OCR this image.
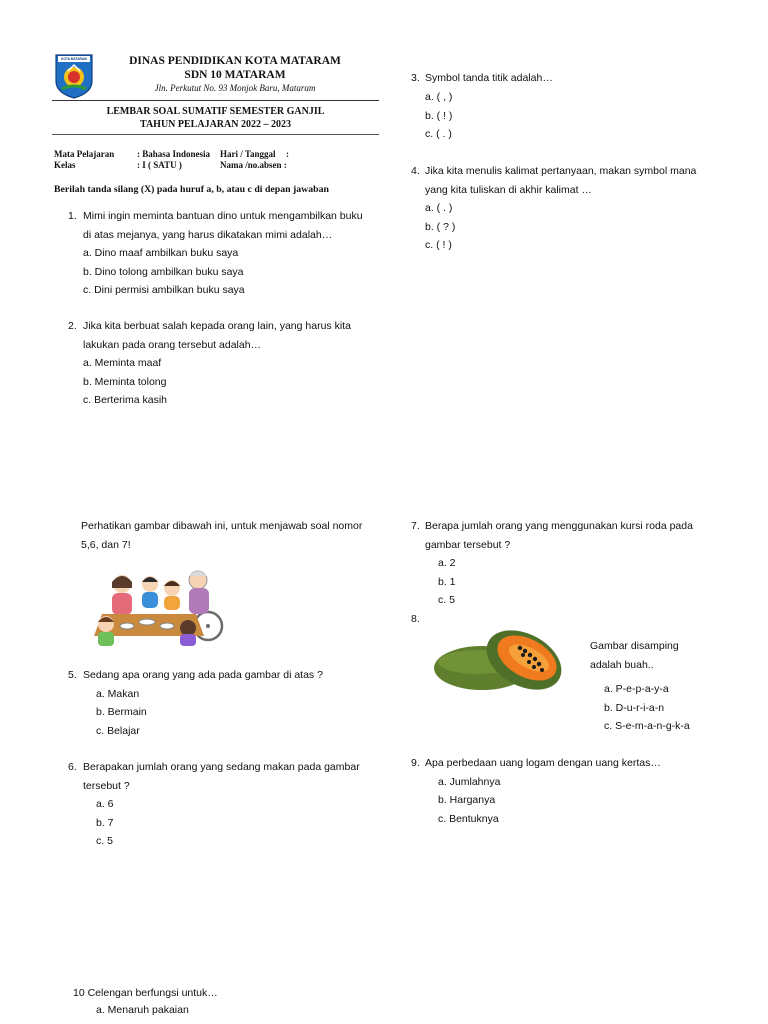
KOTA MATARAM	DINAS PENDIDIKAN KOTA MATARAM
SDN 10 MATARAM
Jln. Perkutut No. 93 Monjok Baru, Mataram
LEMBAR SOAL SUMATIF SEMESTER GANJIL
TAHUN PELAJARAN 2022 – 2023
Mata Pelajaran	: Bahasa Indonesia Hari / Tanggal :
Kelas	: I ( SATU )	Nama /no.absen :
Berilah tanda silang (X) pada huruf a, b, atau c di depan jawaban
1. Mimi ingin meminta bantuan dino untuk mengambilkan buku
di atas mejanya, yang harus dikatakan mimi adalah…
a. Dino maaf ambilkan buku saya
b. Dino tolong ambilkan buku saya
c. Dini permisi ambilkan buku saya
2. Jika kita berbuat salah kepada orang lain, yang harus kita
lakukan pada orang tersebut adalah…
a. Meminta maaf
b. Meminta tolong
c. Berterima kasih
Perhatikan gambar dibawah ini, untuk menjawab soal nomor
5,6, dan 7!
5. Sedang apa orang yang ada pada gambar di atas ?
a. Makan
b. Bermain
c. Belajar
6. Berapakan jumlah orang yang sedang makan pada gambar
tersebut ?
a. 6
b. 7
c. 5
10 Celengan berfungsi untuk…
a. Menaruh pakaian
3. Symbol tanda titik adalah…
a. ( , )
b. ( ! )
c. ( . )
4. Jika kita menulis kalimat pertanyaan, makan symbol mana
yang kita tuliskan di akhir kalimat …
a. ( . )
b. ( ? )
c. ( ! )
7. Berapa jumlah orang yang menggunakan kursi roda pada
gambar tersebut ?
a. 2
b. 1
c. 5
8.
Gambar disamping
adalah buah..
a. P-e-p-a-y-a
b. D-u-r-i-a-n
c. S-e-m-a-n-g-k-a
9. Apa perbedaan uang logam dengan uang kertas…
a. Jumlahnya
b. Harganya
c. Bentuknya
